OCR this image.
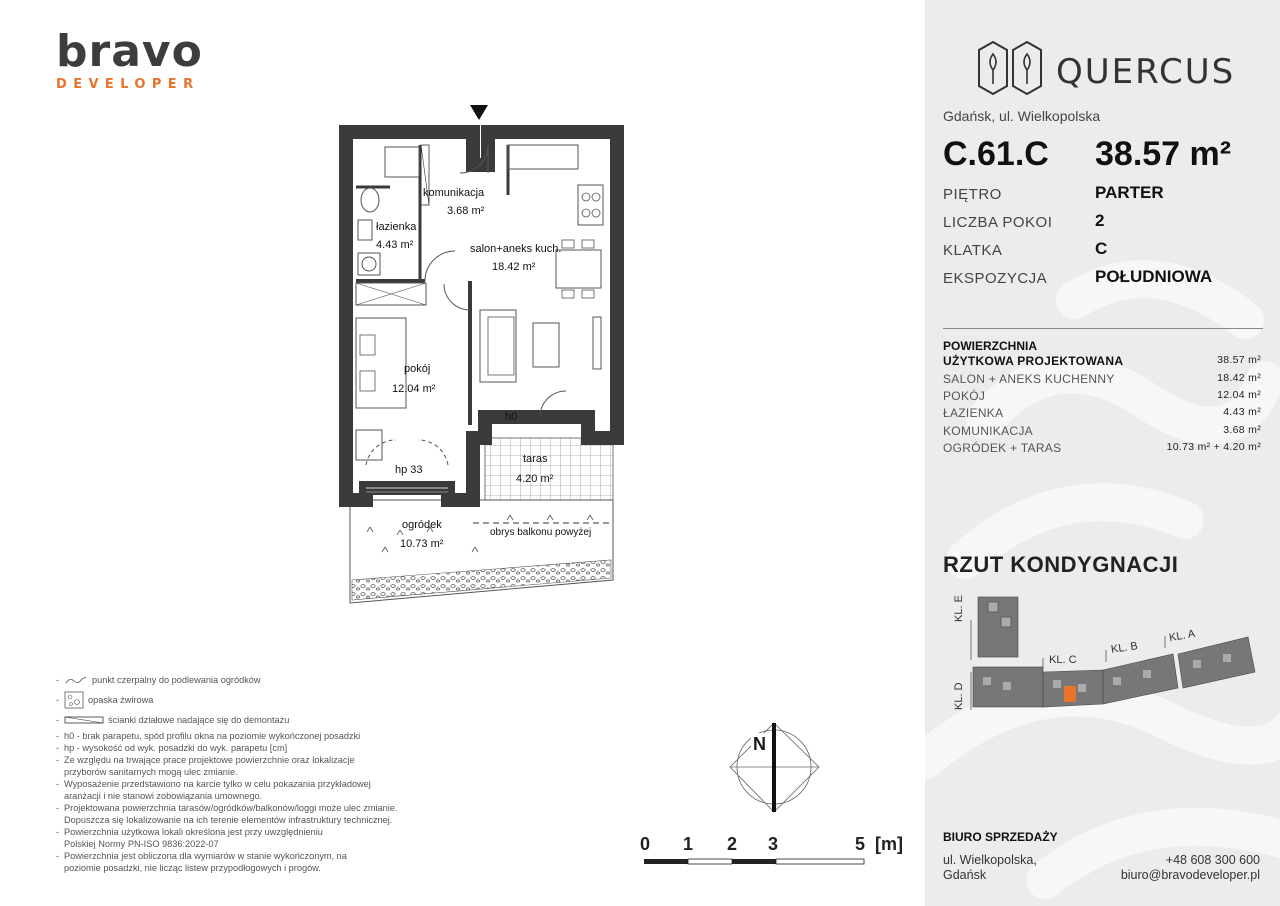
bravo
DEVELOPER
komunikacja
3.68 m²
łazienka
4.43 m²	salon+aneks kuch.
18.42 m²
pokój
12.04 m²
taras
4.20 m²
ogródek
10.73 m²
h0
hp 33
obrys balkonu powyżej
-	punkt czerpalny do podlewania ogródków
-	opaska żwirowa
-	ścianki działowe nadające się do demontażu
- h0 - brak parapetu, spód profilu okna na poziomie wykończonej posadzki
- hp - wysokość od wyk. posadzki do wyk. parapetu [cm]
- Ze względu na trwające prace projektowe powierzchnie oraz lokalizacje przyborów sanitarnych mogą ulec zmianie.
- Wyposażenie przedstawiono na karcie tylko w celu pokazania przykładowej aranżacji i nie stanowi zobowiązania umownego.
- Projektowana powierzchnia tarasów/ogródków/balkonów/loggi może ulec zmianie. Dopuszcza się lokalizowanie na ich terenie elementów infrastruktury technicznej.
- Powierzchnia użytkowa lokali określona jest przy uwzględnieniu Polskiej Normy PN-ISO 9836:2022-07
- Powierzchnia jest obliczona dla wymiarów w stanie wykończonym, na poziomie posadzki, nie licząc listew przypodłogowych i progów.
N
0 1 2 3	5 [m]
QUERCUS
Gdańsk, ul. Wielkopolska
C.61.C 38.57 m²
PIĘTRO	PARTER
LICZBA POKOI	2
KLATKA	C
EKSPOZYCJA	POŁUDNIOWA
POWIERZCHNIA
UŻYTKOWA PROJEKTOWANA	38.57 m²
SALON + ANEKS KUCHENNY	18.42 m²
POKÓJ	12.04 m²
ŁAZIENKA	4.43 m²
KOMUNIKACJA	3.68 m²
OGRÓDEK + TARAS	10.73 m² + 4.20 m²
RZUT KONDYGNACJI
KL. E
KL. D
KL. C
KL. B
KL. A
BIURO SPRZEDAŻY
ul. Wielkopolska,
Gdańsk
+48 608 300 600
biuro@bravodeveloper.pl
